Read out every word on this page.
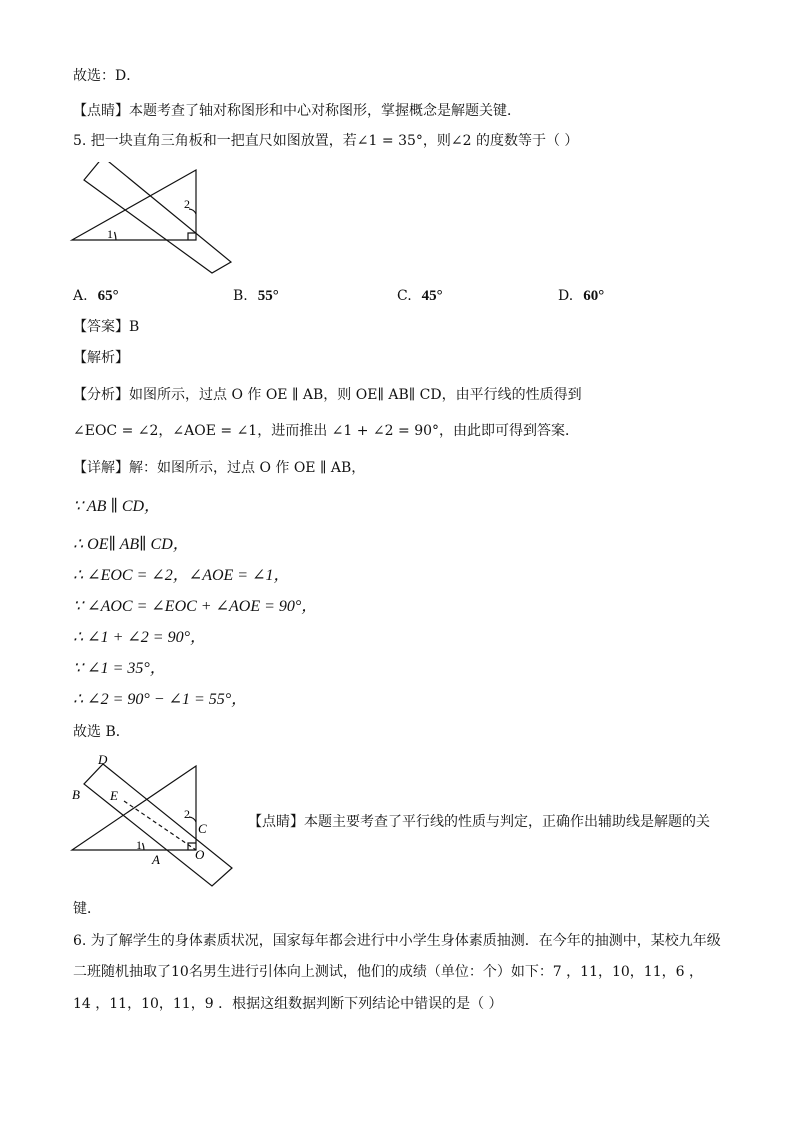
故选：D．
【点睛】本题考查了轴对称图形和中心对称图形，掌握概念是解题关键．
5. 把一块直角三角板和一把直尺如图放置，若∠1 = 35°，则∠2 的度数等于（ ）
1
2
A. 65°	B. 55°	C. 45°	D. 60°
【答案】B
【解析】
【分析】如图所示，过点 O 作 OE ∥ AB，则 OE∥ AB∥ CD，由平行线的性质得到
∠EOC = ∠2，∠AOE = ∠1，进而推出 ∠1 + ∠2 = 90°，由此即可得到答案．
【详解】解：如图所示，过点 O 作 OE ∥ AB，
∵ AB ∥ CD，
∴ OE∥ AB∥ CD，
∴ ∠EOC = ∠2，∠AOE = ∠1，
∵ ∠AOC = ∠EOC + ∠AOE = 90°，
∴ ∠1 + ∠2 = 90°，
∵ ∠1 = 35°，
∴ ∠2 = 90° − ∠1 = 55°，
故选 B．
D
B E
2
C
1
A	O
【点睛】本题主要考查了平行线的性质与判定，正确作出辅助线是解题的关
键．
6. 为了解学生的身体素质状况，国家每年都会进行中小学生身体素质抽测．在今年的抽测中，某校九年级
二班随机抽取了10名男生进行引体向上测试，他们的成绩（单位：个）如下：7 ，11，10，11，6 ，
14 ，11，10，11，9 ．根据这组数据判断下列结论中错误的是（ ）
